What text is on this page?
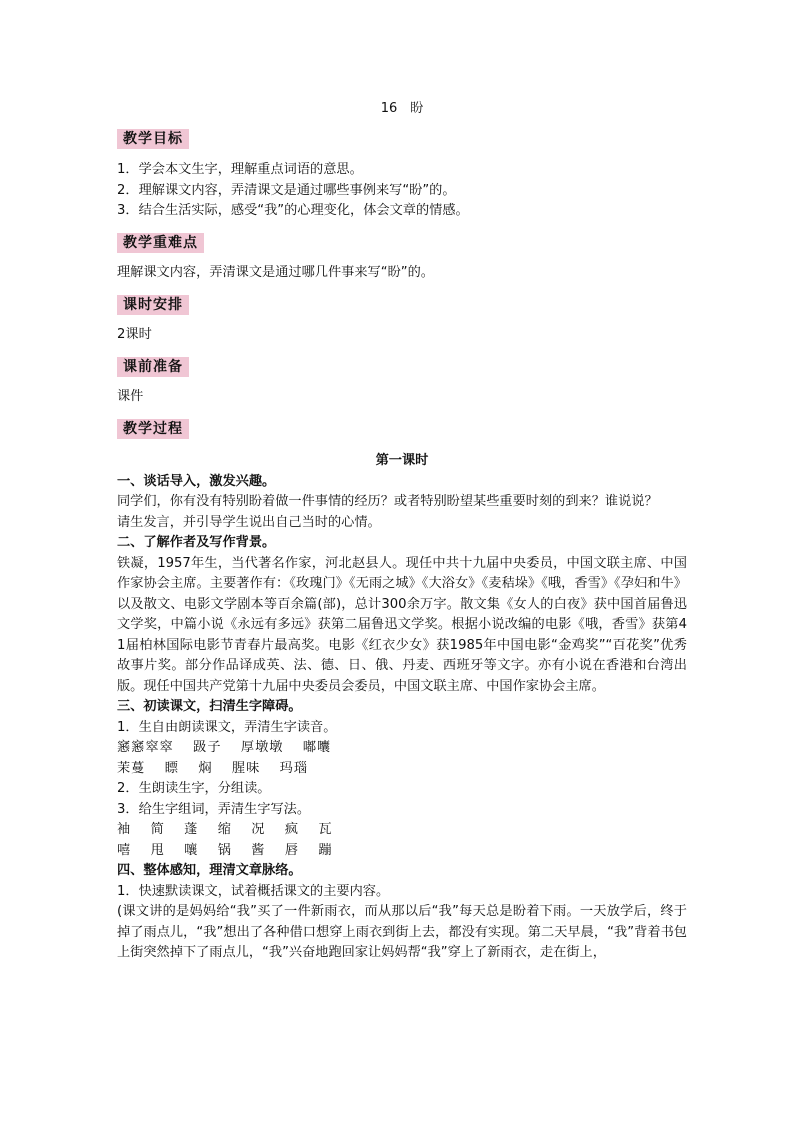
16　盼
教学目标
1．学会本文生字，理解重点词语的意思。
2．理解课文内容，弄清课文是通过哪些事例来写“盼”的。
3．结合生活实际，感受“我”的心理变化，体会文章的情感。
教学重难点
理解课文内容，弄清课文是通过哪几件事来写“盼”的。
课时安排
2课时
课前准备
课件
教学过程
第一课时
一、谈话导入，激发兴趣。
同学们，你有没有特别盼着做一件事情的经历？或者特别盼望某些重要时刻的到来？谁说说？
请生发言，并引导学生说出自己当时的心情。
二、了解作者及写作背景。
铁凝，1957年生，当代著名作家，河北赵县人。现任中共十九届中央委员，中国文联主席、中国作家协会主席。主要著作有：《玫瑰门》《无雨之城》《大浴女》《麦秸垛》《哦，香雪》《孕妇和牛》以及散文、电影文学剧本等百余篇(部)，总计300余万字。散文集《女人的白夜》获中国首届鲁迅文学奖，中篇小说《永远有多远》获第二届鲁迅文学奖。根据小说改编的电影《哦，香雪》获第41届柏林国际电影节青春片最高奖。电影《红衣少女》获1985年中国电影“金鸡奖”“百花奖”优秀故事片奖。部分作品译成英、法、德、日、俄、丹麦、西班牙等文字。亦有小说在香港和台湾出版。现任中国共产党第十九届中央委员会委员，中国文联主席、中国作家协会主席。
三、初读课文，扫清生字障碍。
1．生自由朗读课文，弄清生字读音。
窸窸窣窣　 趿子　 厚墩墩　 嘟囔
茉蔓　 瞟　 焖　 腥味　 玛瑙
2．生朗读生字，分组读。
3．给生字组词，弄清生字写法。
袖　 简　 蓬　 缩　 况　 疯　 瓦
嘻　 甩　 嚷　 锅　 酱　 唇　 蹦
四、整体感知，理清文章脉络。
1．快速默读课文，试着概括课文的主要内容。
(课文讲的是妈妈给“我”买了一件新雨衣，而从那以后“我”每天总是盼着下雨。一天放学后，终于掉了雨点儿，“我”想出了各种借口想穿上雨衣到街上去，都没有实现。第二天早晨，“我”背着书包上街突然掉下了雨点儿，“我”兴奋地跑回家让妈妈帮“我”穿上了新雨衣，走在街上，
